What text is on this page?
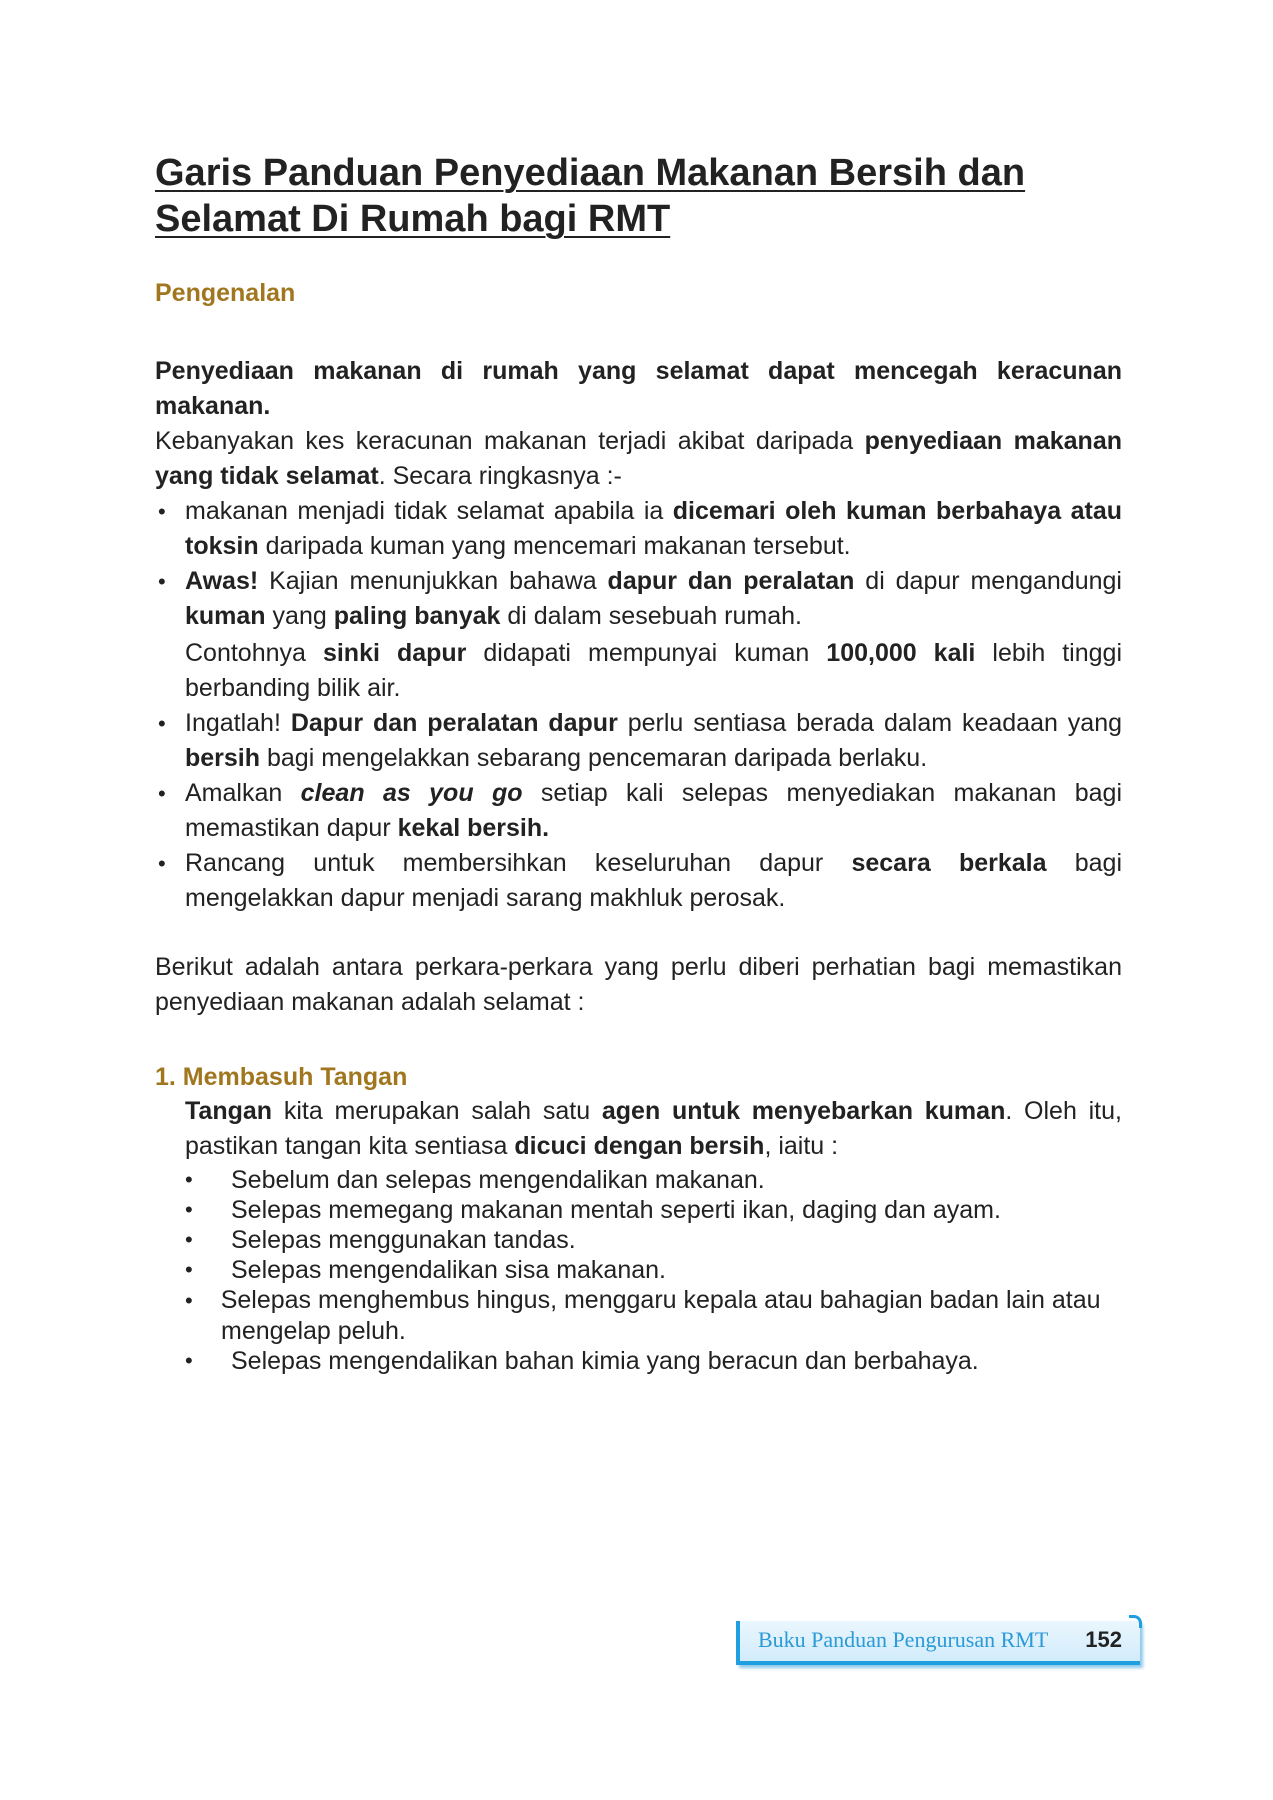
Garis Panduan Penyediaan Makanan Bersih dan
Selamat Di Rumah bagi RMT
Pengenalan
Penyediaan makanan di rumah yang selamat dapat mencegah keracunan makanan.
Kebanyakan kes keracunan makanan terjadi akibat daripada penyediaan makanan yang tidak selamat. Secara ringkasnya :-
• makanan menjadi tidak selamat apabila ia dicemari oleh kuman berbahaya atau toksin daripada kuman yang mencemari makanan tersebut.
• Awas! Kajian menunjukkan bahawa dapur dan peralatan di dapur mengandungi kuman yang paling banyak di dalam sesebuah rumah.
Contohnya sinki dapur didapati mempunyai kuman 100,000 kali lebih tinggi berbanding bilik air.
• Ingatlah! Dapur dan peralatan dapur perlu sentiasa berada dalam keadaan yang bersih bagi mengelakkan sebarang pencemaran daripada berlaku.
• Amalkan clean as you go setiap kali selepas menyediakan makanan bagi memastikan dapur kekal bersih.
• Rancang untuk membersihkan keseluruhan dapur secara berkala bagi mengelakkan dapur menjadi sarang makhluk perosak.
Berikut adalah antara perkara-perkara yang perlu diberi perhatian bagi memastikan penyediaan makanan adalah selamat :
1. Membasuh Tangan
Tangan kita merupakan salah satu agen untuk menyebarkan kuman. Oleh itu, pastikan tangan kita sentiasa dicuci dengan bersih, iaitu :
• Sebelum dan selepas mengendalikan makanan.
• Selepas memegang makanan mentah seperti ikan, daging dan ayam.
• Selepas menggunakan tandas.
• Selepas mengendalikan sisa makanan.
• Selepas menghembus hingus, menggaru kepala atau bahagian badan lain atau
mengelap peluh.
• Selepas mengendalikan bahan kimia yang beracun dan berbahaya.
Buku Panduan Pengurusan RMT 152
